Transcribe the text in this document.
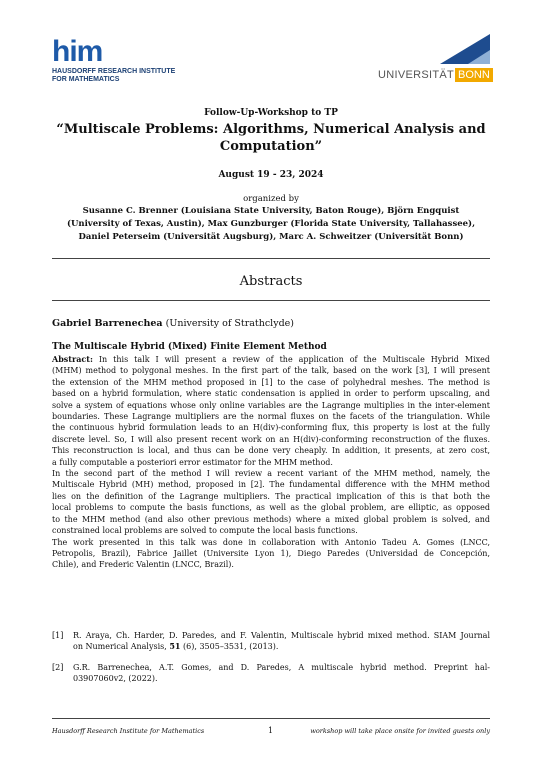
him
HAUSDORFF RESEARCH INSTITUTE
FOR MATHEMATICS	UNIVERSITÄT BONN
Follow-Up-Workshop to TP
“Multiscale Problems: Algorithms, Numerical Analysis and
Computation”
August 19 - 23, 2024
organized by
Susanne C. Brenner (Louisiana State University, Baton Rouge), Björn Engquist
(University of Texas, Austin), Max Gunzburger (Florida State University, Tallahassee),
Daniel Peterseim (Universität Augsburg), Marc A. Schweitzer (Universität Bonn)
Abstracts
Gabriel Barrenechea (University of Strathclyde)
The Multiscale Hybrid (Mixed) Finite Element Method
Abstract: In this talk I will present a review of the application of the Multiscale Hybrid Mixed
(MHM) method to polygonal meshes. In the first part of the talk, based on the work [3], I will present
the extension of the MHM method proposed in [1] to the case of polyhedral meshes. The method is
based on a hybrid formulation, where static condensation is applied in order to perform upscaling, and
solve a system of equations whose only online variables are the Lagrange multiplies in the inter-element
boundaries. These Lagrange multipliers are the normal fluxes on the facets of the triangulation. While
the continuous hybrid formulation leads to an H(div)-conforming flux, this property is lost at the fully
discrete level. So, I will also present recent work on an H(div)-conforming reconstruction of the fluxes.
This reconstruction is local, and thus can be done very cheaply. In addition, it presents, at zero cost,
a fully computable a posteriori error estimator for the MHM method.
In the second part of the method I will review a recent variant of the MHM method, namely, the
Multiscale Hybrid (MH) method, proposed in [2]. The fundamental difference with the MHM method
lies on the definition of the Lagrange multipliers. The practical implication of this is that both the
local problems to compute the basis functions, as well as the global problem, are elliptic, as opposed
to the MHM method (and also other previous methods) where a mixed global problem is solved, and
constrained local problems are solved to compute the local basis functions.
The work presented in this talk was done in collaboration with Antonio Tadeu A. Gomes (LNCC,
Petropolis, Brazil), Fabrice Jaillet (Universite Lyon 1), Diego Paredes (Universidad de Concepción,
Chile), and Frederic Valentin (LNCC, Brazil).
[1] R. Araya, Ch. Harder, D. Paredes, and F. Valentin, Multiscale hybrid mixed method. SIAM Journal
on Numerical Analysis, 51 (6), 3505–3531, (2013).
[2] G.R. Barrenechea, A.T. Gomes, and D. Paredes, A multiscale hybrid method. Preprint hal-
03907060v2, (2022).
Hausdorff Research Institute for Mathematics	1	workshop will take place onsite for invited guests only
